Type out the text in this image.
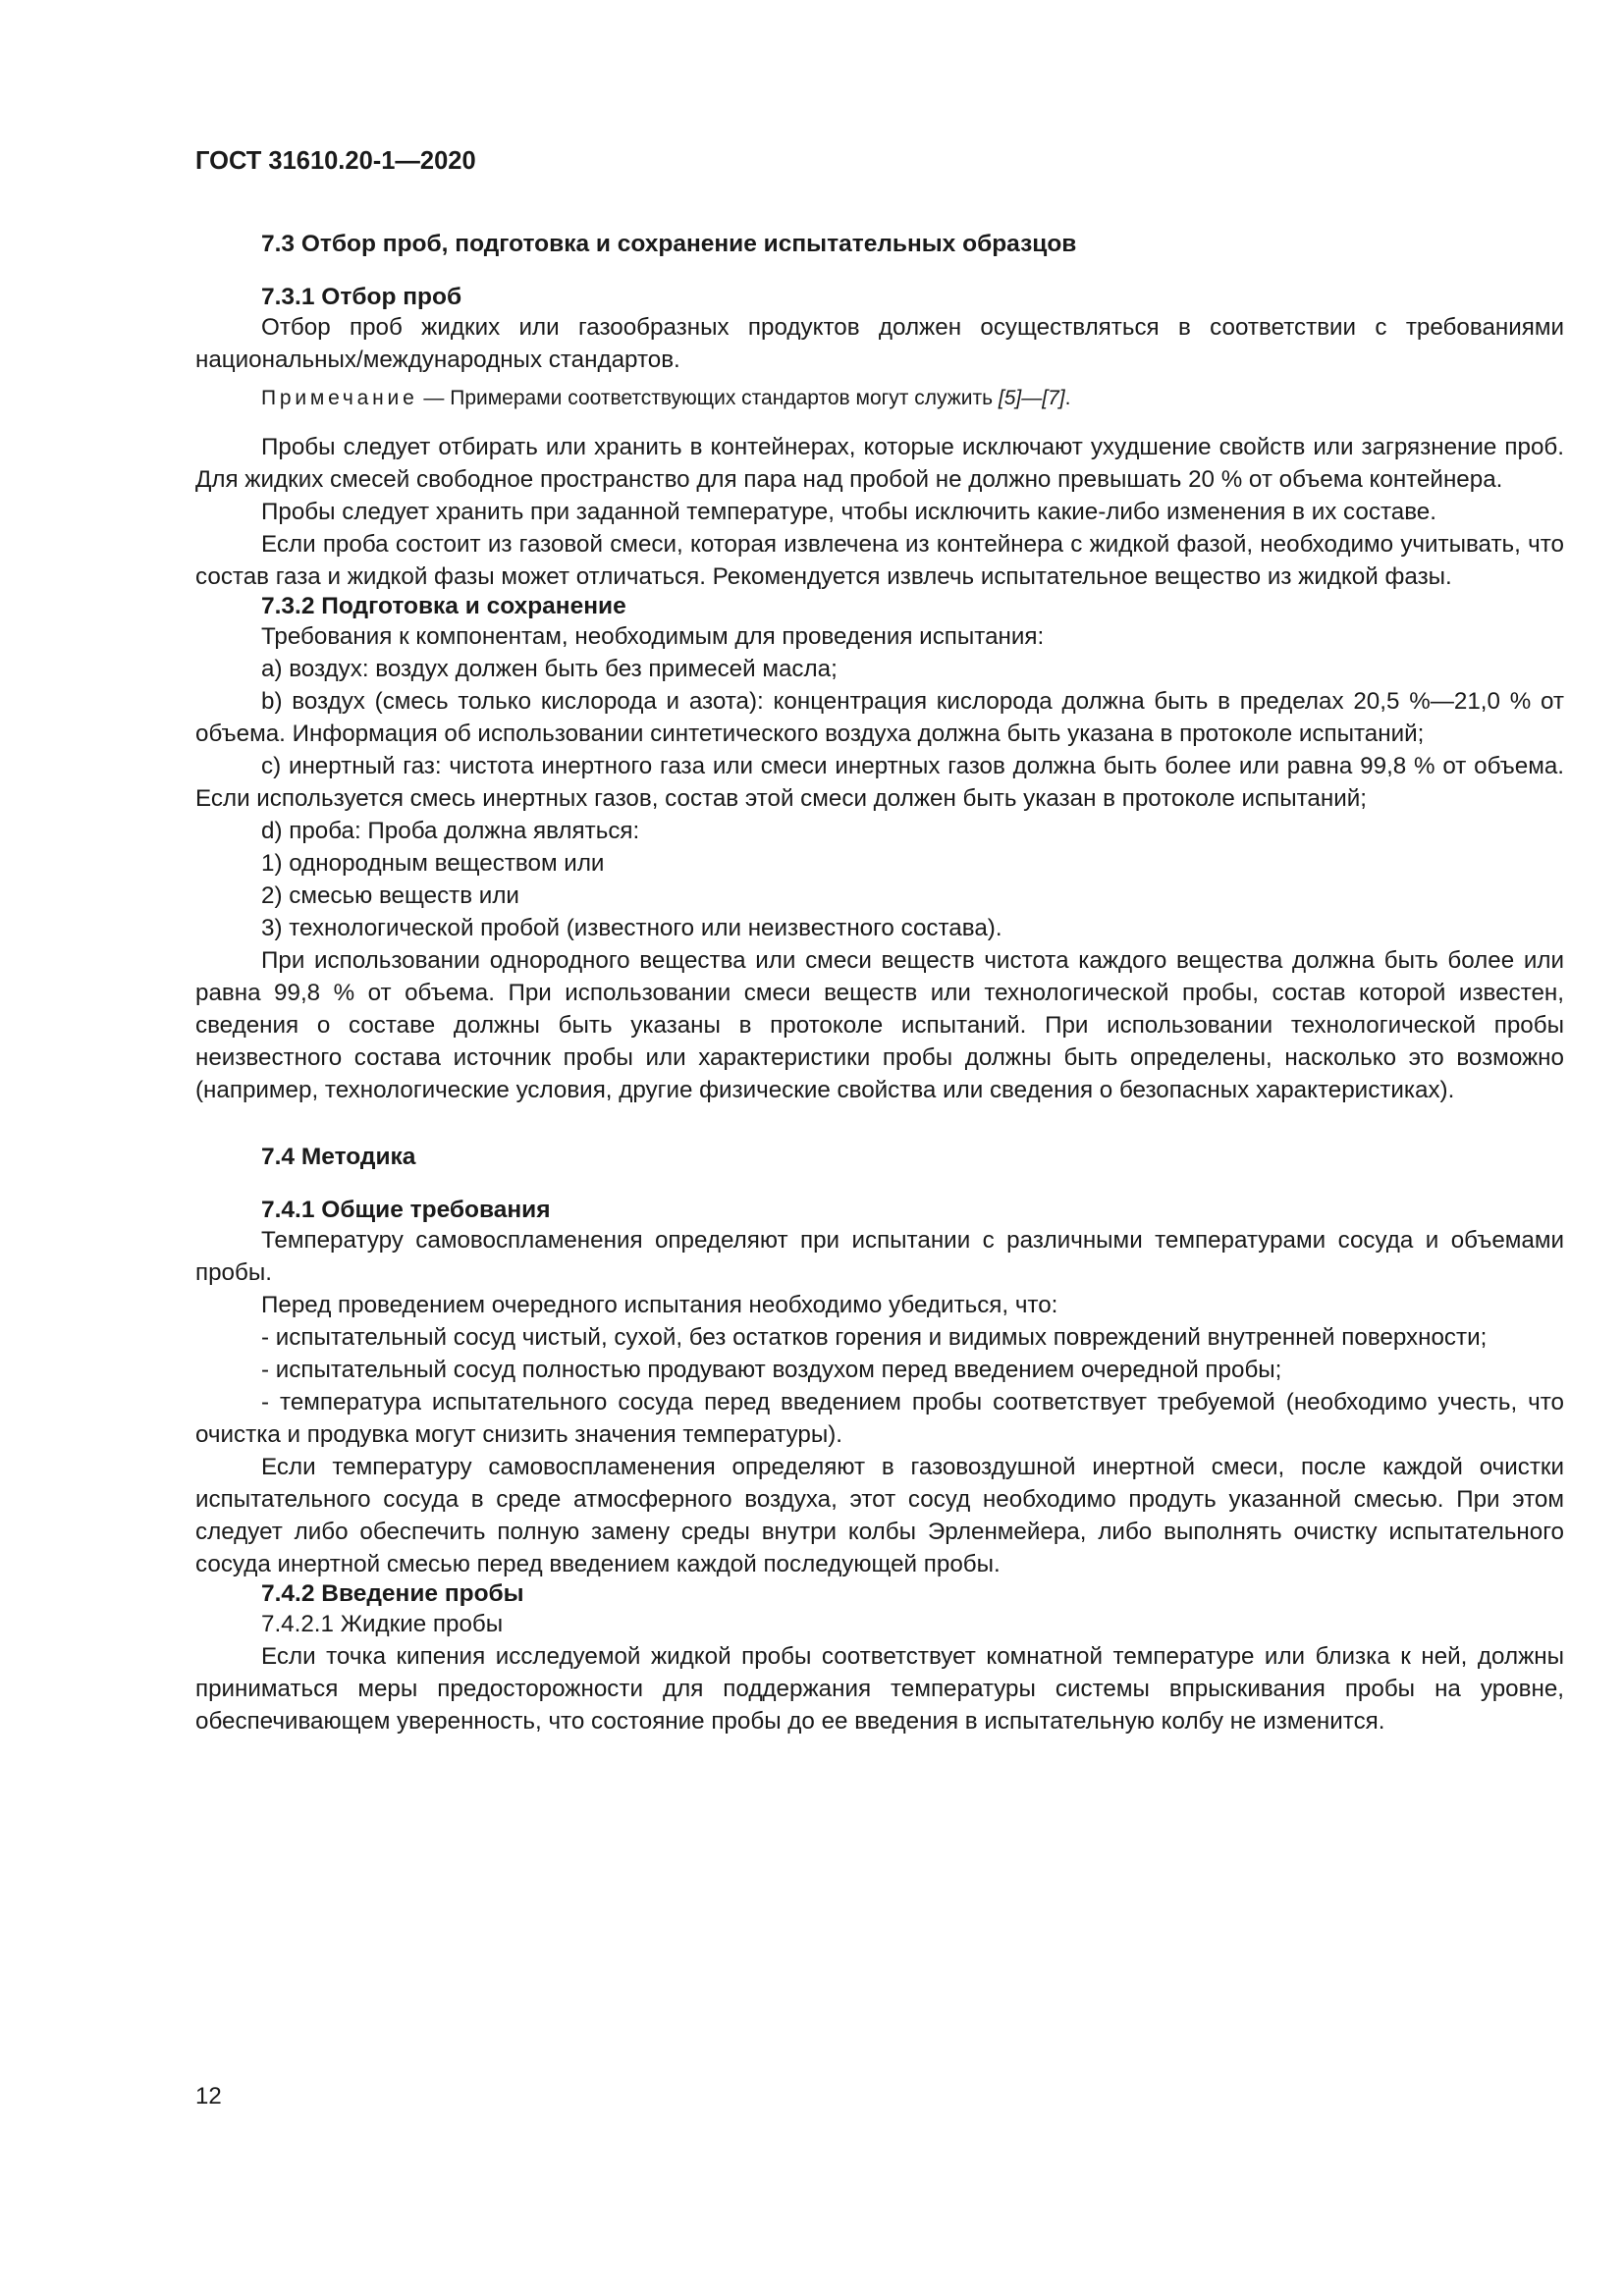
ГОСТ 31610.20-1—2020
7.3 Отбор проб, подготовка и сохранение испытательных образцов
7.3.1 Отбор проб

Отбор проб жидких или газообразных продуктов должен осуществляться в соответствии с требованиями национальных/международных стандартов.

Примечание — Примерами соответствующих стандартов могут служить [5]—[7].

Пробы следует отбирать или хранить в контейнерах, которые исключают ухудшение свойств или загрязнение проб. Для жидких смесей свободное пространство для пара над пробой не должно превышать 20 % от объема контейнера.

Пробы следует хранить при заданной температуре, чтобы исключить какие-либо изменения в их составе.

Если проба состоит из газовой смеси, которая извлечена из контейнера с жидкой фазой, необходимо учитывать, что состав газа и жидкой фазы может отличаться. Рекомендуется извлечь испытательное вещество из жидкой фазы.

7.3.2 Подготовка и сохранение

Требования к компонентам, необходимым для проведения испытания:

a) воздух: воздух должен быть без примесей масла;

b) воздух (смесь только кислорода и азота): концентрация кислорода должна быть в пределах 20,5 %—21,0 % от объема. Информация об использовании синтетического воздуха должна быть указана в протоколе испытаний;

c) инертный газ: чистота инертного газа или смеси инертных газов должна быть более или равна 99,8 % от объема. Если используется смесь инертных газов, состав этой смеси должен быть указан в протоколе испытаний;

d) проба: Проба должна являться:

1) однородным веществом или

2) смесью веществ или

3) технологической пробой (известного или неизвестного состава).

При использовании однородного вещества или смеси веществ чистота каждого вещества должна быть более или равна 99,8 % от объема. При использовании смеси веществ или технологической пробы, состав которой известен, сведения о составе должны быть указаны в протоколе испытаний. При использовании технологической пробы неизвестного состава источник пробы или характеристики пробы должны быть определены, насколько это возможно (например, технологические условия, другие физические свойства или сведения о безопасных характеристиках).

7.4 Методика
7.4.1 Общие требования

Температуру самовоспламенения определяют при испытании с различными температурами сосуда и объемами пробы.

Перед проведением очередного испытания необходимо убедиться, что:

- испытательный сосуд чистый, сухой, без остатков горения и видимых повреждений внутренней поверхности;

- испытательный сосуд полностью продувают воздухом перед введением очередной пробы;

- температура испытательного сосуда перед введением пробы соответствует требуемой (необходимо учесть, что очистка и продувка могут снизить значения температуры).

Если температуру самовоспламенения определяют в газовоздушной инертной смеси, после каждой очистки испытательного сосуда в среде атмосферного воздуха, этот сосуд необходимо продуть указанной смесью. При этом следует либо обеспечить полную замену среды внутри колбы Эрленмейера, либо выполнять очистку испытательного сосуда инертной смесью перед введением каждой последующей пробы.

7.4.2 Введение пробы

7.4.2.1 Жидкие пробы

Если точка кипения исследуемой жидкой пробы соответствует комнатной температуре или близка к ней, должны приниматься меры предосторожности для поддержания температуры системы впрыскивания пробы на уровне, обеспечивающем уверенность, что состояние пробы до ее введения в испытательную колбу не изменится.

12
